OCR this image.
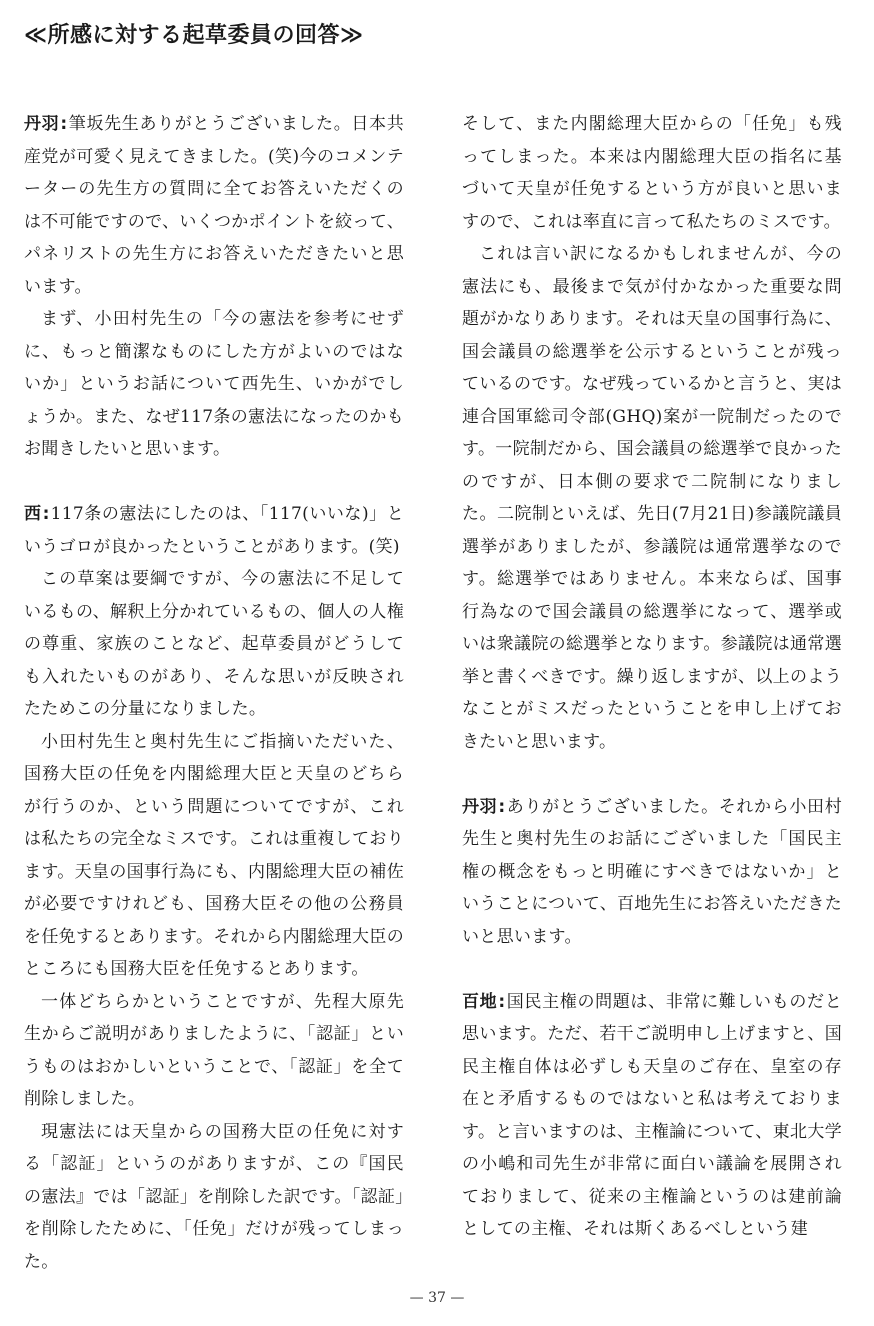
≪所感に対する起草委員の回答≫

丹羽:筆坂先生ありがとうございました。日本共産党が可愛く見えてきました。(笑)今のコメンテーターの先生方の質問に全てお答えいただくのは不可能ですので、いくつかポイントを絞って、パネリストの先生方にお答えいただきたいと思います。

まず、小田村先生の「今の憲法を参考にせずに、もっと簡潔なものにした方がよいのではないか」というお話について西先生、いかがでしょうか。また、なぜ117条の憲法になったのかもお聞きしたいと思います。

西:117条の憲法にしたのは、「117(いいな)」というゴロが良かったということがあります。(笑)

この草案は要綱ですが、今の憲法に不足しているもの、解釈上分かれているもの、個人の人権の尊重、家族のことなど、起草委員がどうしても入れたいものがあり、そんな思いが反映されたためこの分量になりました。

小田村先生と奥村先生にご指摘いただいた、国務大臣の任免を内閣総理大臣と天皇のどちらが行うのか、という問題についてですが、これは私たちの完全なミスです。これは重複しております。天皇の国事行為にも、内閣総理大臣の補佐が必要ですけれども、国務大臣その他の公務員を任免するとあります。それから内閣総理大臣のところにも国務大臣を任免するとあります。

一体どちらかということですが、先程大原先生からご説明がありましたように、「認証」というものはおかしいということで、「認証」を全て削除しました。

現憲法には天皇からの国務大臣の任免に対する「認証」というのがありますが、この『国民の憲法』では「認証」を削除した訳です。「認証」を削除したために、「任免」だけが残ってしまった。

そして、また内閣総理大臣からの「任免」も残ってしまった。本来は内閣総理大臣の指名に基づいて天皇が任免するという方が良いと思いますので、これは率直に言って私たちのミスです。

これは言い訳になるかもしれませんが、今の憲法にも、最後まで気が付かなかった重要な問題がかなりあります。それは天皇の国事行為に、国会議員の総選挙を公示するということが残っているのです。なぜ残っているかと言うと、実は連合国軍総司令部(GHQ)案が一院制だったのです。一院制だから、国会議員の総選挙で良かったのですが、日本側の要求で二院制になりました。二院制といえば、先日(7月21日)参議院議員選挙がありましたが、参議院は通常選挙なのです。総選挙ではありません。本来ならば、国事行為なので国会議員の総選挙になって、選挙或いは衆議院の総選挙となります。参議院は通常選挙と書くべきです。繰り返しますが、以上のようなことがミスだったということを申し上げておきたいと思います。

丹羽:ありがとうございました。それから小田村先生と奥村先生のお話にございました「国民主権の概念をもっと明確にすべきではないか」ということについて、百地先生にお答えいただきたいと思います。

百地:国民主権の問題は、非常に難しいものだと思います。ただ、若干ご説明申し上げますと、国民主権自体は必ずしも天皇のご存在、皇室の存在と矛盾するものではないと私は考えております。と言いますのは、主権論について、東北大学の小嶋和司先生が非常に面白い議論を展開されておりまして、従来の主権論というのは建前論としての主権、それは斯くあるべしという建

— 37 —
